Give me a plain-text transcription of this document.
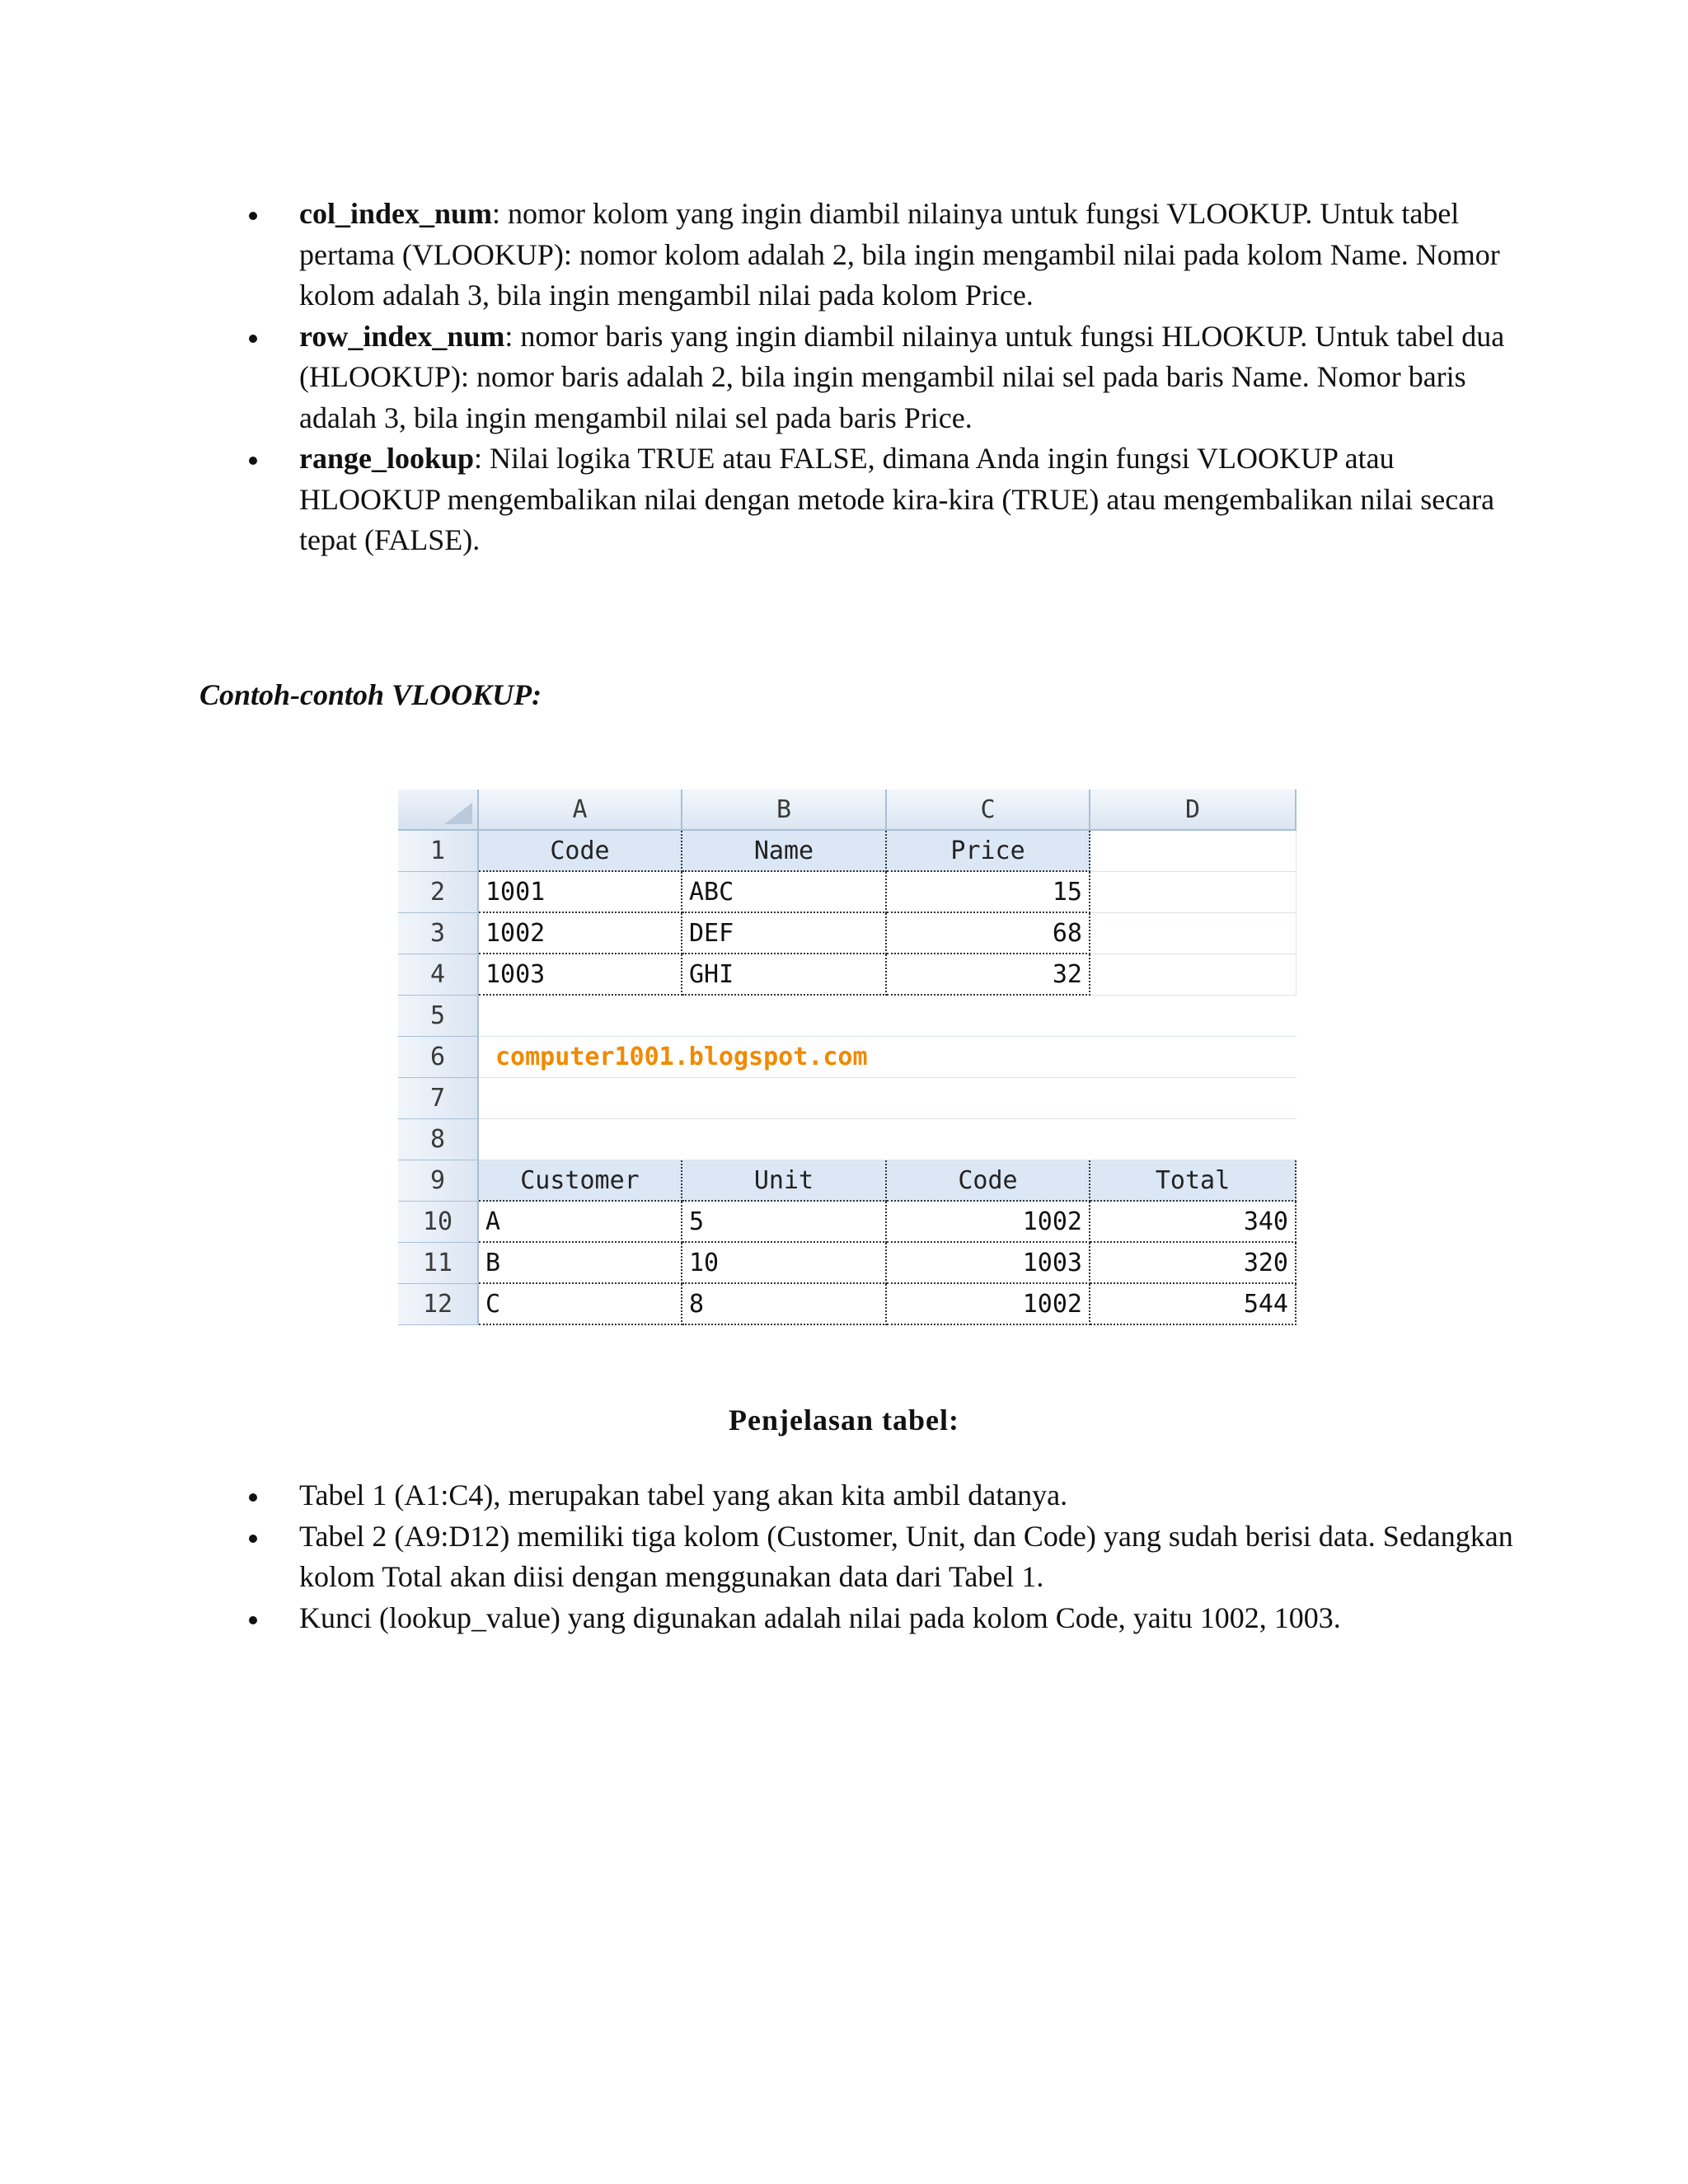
col_index_num: nomor kolom yang ingin diambil nilainya untuk fungsi VLOOKUP. Untuk tabel pertama (VLOOKUP): nomor kolom adalah 2, bila ingin mengambil nilai pada kolom Name. Nomor kolom adalah 3, bila ingin mengambil nilai pada kolom Price.
row_index_num: nomor baris yang ingin diambil nilainya untuk fungsi HLOOKUP. Untuk tabel dua (HLOOKUP): nomor baris adalah 2, bila ingin mengambil nilai sel pada baris Name. Nomor baris adalah 3, bila ingin mengambil nilai sel pada baris Price.
range_lookup: Nilai logika TRUE atau FALSE, dimana Anda ingin fungsi VLOOKUP atau HLOOKUP mengembalikan nilai dengan metode kira-kira (TRUE) atau mengembalikan nilai secara tepat (FALSE).
Contoh-contoh VLOOKUP:
A	B	C	D
1
2
3
4
5
6
7
8
9
10
11
12
Code	Name	Price
1001	ABC	15
1002	DEF	68
1003	GHI	32
computer1001.blogspot.com
Customer	Unit	Code	Total
A	5	1002	340
B	10	1003	320
C	8	1002	544
Penjelasan tabel:
Tabel 1 (A1:C4), merupakan tabel yang akan kita ambil datanya.
Tabel 2 (A9:D12) memiliki tiga kolom (Customer, Unit, dan Code) yang sudah berisi data. Sedangkan kolom Total akan diisi dengan menggunakan data dari Tabel 1.
Kunci (lookup_value) yang digunakan adalah nilai pada kolom Code, yaitu 1002, 1003.
